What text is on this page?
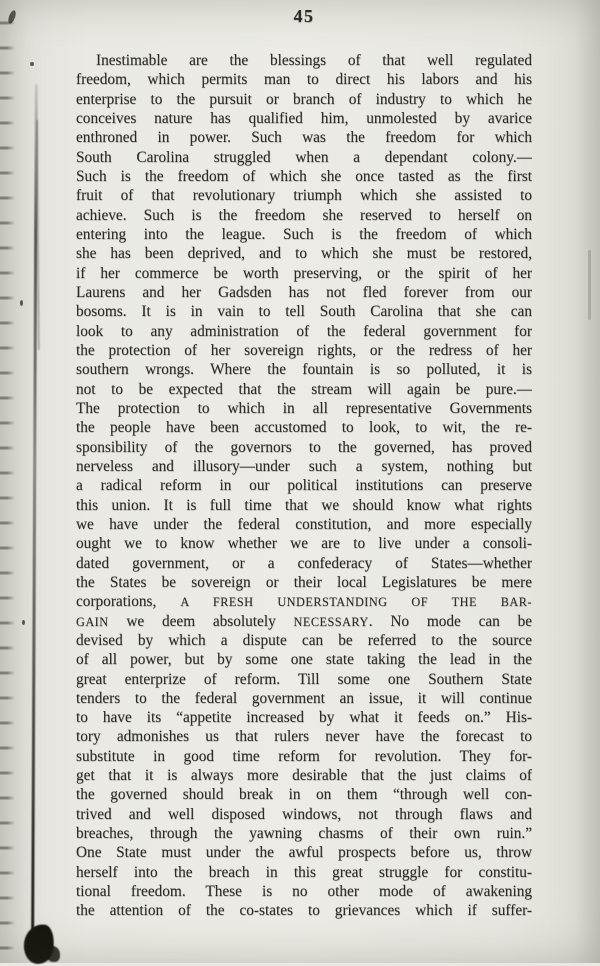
45
Inestimable are the blessings of that well regulated
freedom, which permits man to direct his labors and his
enterprise to the pursuit or branch of industry to which he
conceives nature has qualified him, unmolested by avarice
enthroned in power. Such was the freedom for which
South Carolina struggled when a dependant colony.—
Such is the freedom of which she once tasted as the first
fruit of that revolutionary triumph which she assisted to
achieve. Such is the freedom she reserved to herself on
entering into the league. Such is the freedom of which
she has been deprived, and to which she must be restored,
if her commerce be worth preserving, or the spirit of her
Laurens and her Gadsden has not fled forever from our
bosoms. It is in vain to tell South Carolina that she can
look to any administration of the federal government for
the protection of her sovereign rights, or the redress of her
southern wrongs. Where the fountain is so polluted, it is
not to be expected that the stream will again be pure.—
The protection to which in all representative Governments
the people have been accustomed to look, to wit, the re-
sponsibility of the governors to the governed, has proved
nerveless and illusory—under such a system, nothing but
a radical reform in our political institutions can preserve
this union. It is full time that we should know what rights
we have under the federal constitution, and more especially
ought we to know whether we are to live under a consoli-
dated government, or a confederacy of States—whether
the States be sovereign or their local Legislatures be mere
corporations, A FRESH UNDERSTANDING OF THE BAR-
GAIN we deem absolutely NECESSARY. No mode can be
devised by which a dispute can be referred to the source
of all power, but by some one state taking the lead in the
great enterprize of reform. Till some one Southern State
tenders to the federal government an issue, it will continue
to have its “appetite increased by what it feeds on.” His-
tory admonishes us that rulers never have the forecast to
substitute in good time reform for revolution. They for-
get that it is always more desirable that the just claims of
the governed should break in on them “through well con-
trived and well disposed windows, not through flaws and
breaches, through the yawning chasms of their own ruin.”
One State must under the awful prospects before us, throw
herself into the breach in this great struggle for constitu-
tional freedom. These is no other mode of awakening
the attention of the co-states to grievances which if suffer-
